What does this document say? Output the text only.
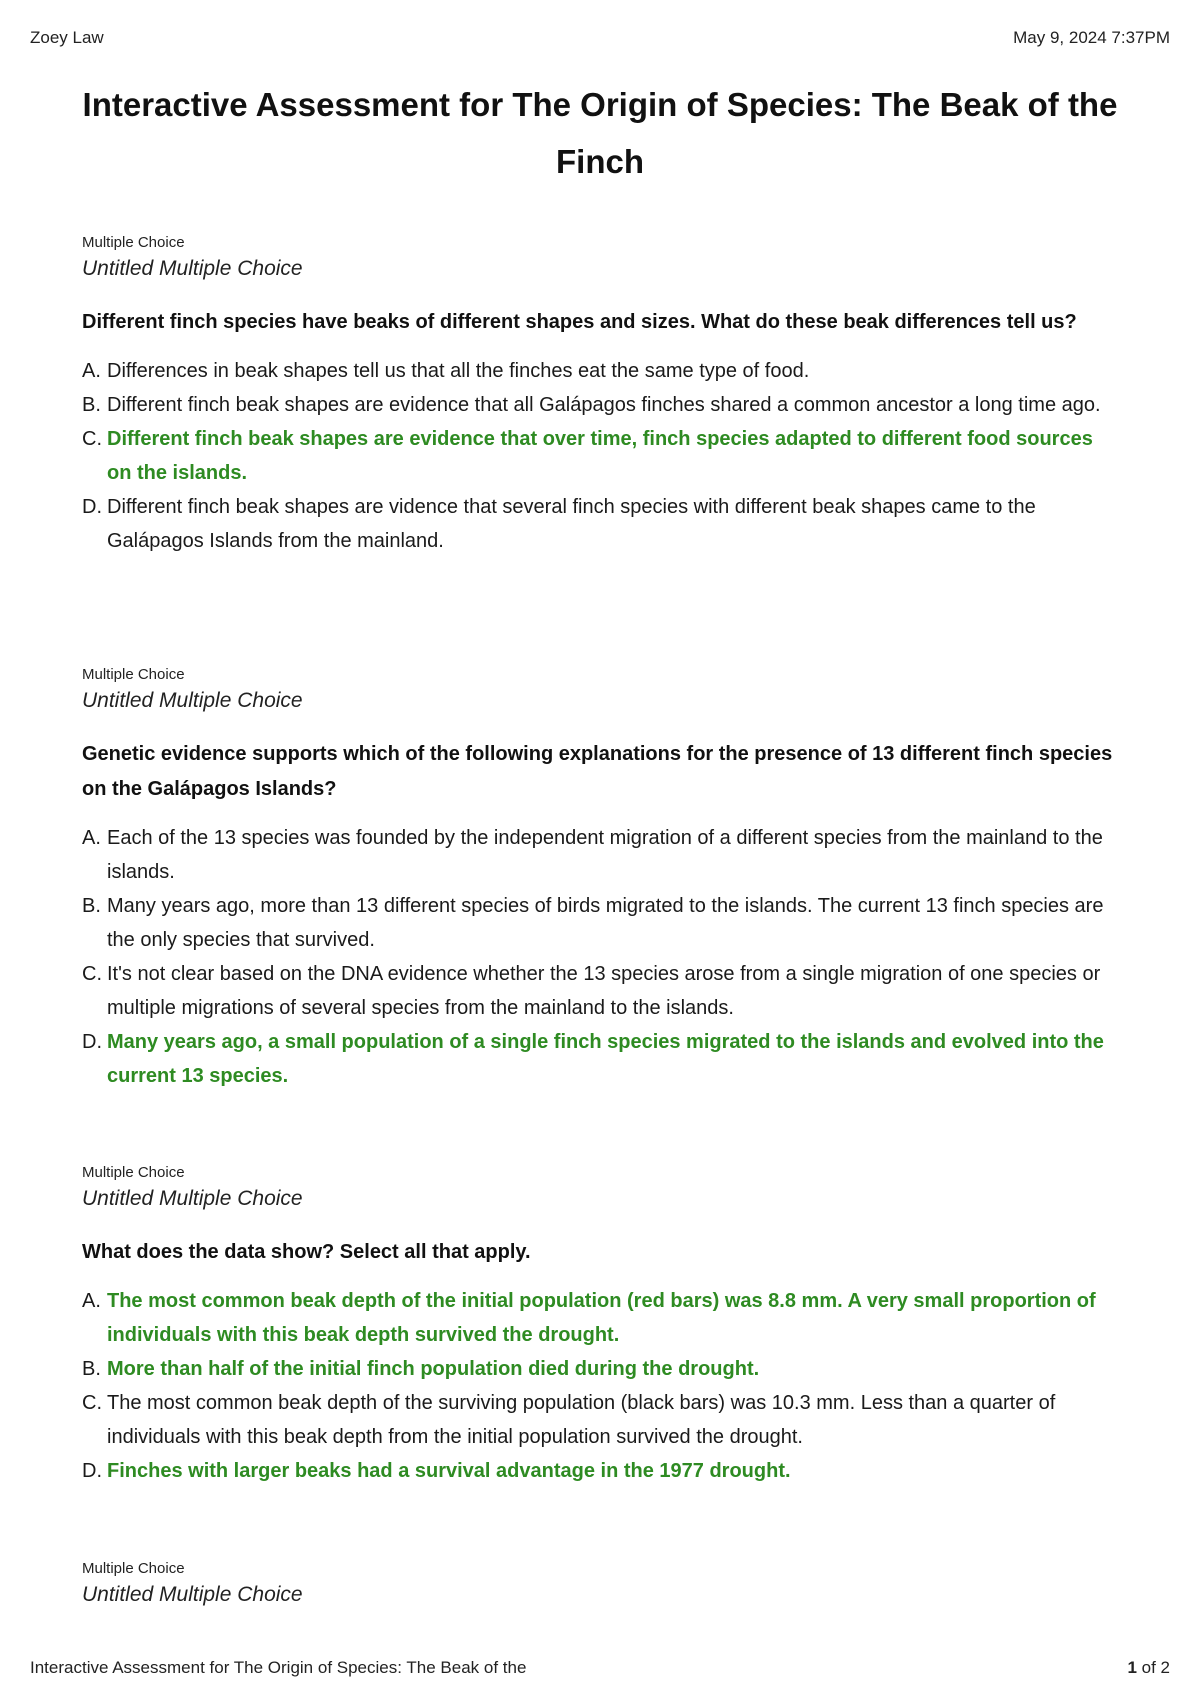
Zoey Law	May 9, 2024 7:37PM
Interactive Assessment for The Origin of Species: The Beak of the Finch
Multiple Choice
Untitled Multiple Choice
Different finch species have beaks of different shapes and sizes. What do these beak differences tell us?
A. Differences in beak shapes tell us that all the finches eat the same type of food.
B. Different finch beak shapes are evidence that all Galápagos finches shared a common ancestor a long time ago.
C. Different finch beak shapes are evidence that over time, finch species adapted to different food sources on the islands.
D. Different finch beak shapes are vidence that several finch species with different beak shapes came to the Galápagos Islands from the mainland.
Multiple Choice
Untitled Multiple Choice
Genetic evidence supports which of the following explanations for the presence of 13 different finch species on the Galápagos Islands?
A. Each of the 13 species was founded by the independent migration of a different species from the mainland to the islands.
B. Many years ago, more than 13 different species of birds migrated to the islands. The current 13 finch species are the only species that survived.
C. It's not clear based on the DNA evidence whether the 13 species arose from a single migration of one species or multiple migrations of several species from the mainland to the islands.
D. Many years ago, a small population of a single finch species migrated to the islands and evolved into the current 13 species.
Multiple Choice
Untitled Multiple Choice
What does the data show? Select all that apply.
A. The most common beak depth of the initial population (red bars) was 8.8 mm. A very small proportion of individuals with this beak depth survived the drought.
B. More than half of the initial finch population died during the drought.
C. The most common beak depth of the surviving population (black bars) was 10.3 mm. Less than a quarter of individuals with this beak depth from the initial population survived the drought.
D. Finches with larger beaks had a survival advantage in the 1977 drought.
Multiple Choice
Untitled Multiple Choice
Interactive Assessment for The Origin of Species: The Beak of the	1 of 2
